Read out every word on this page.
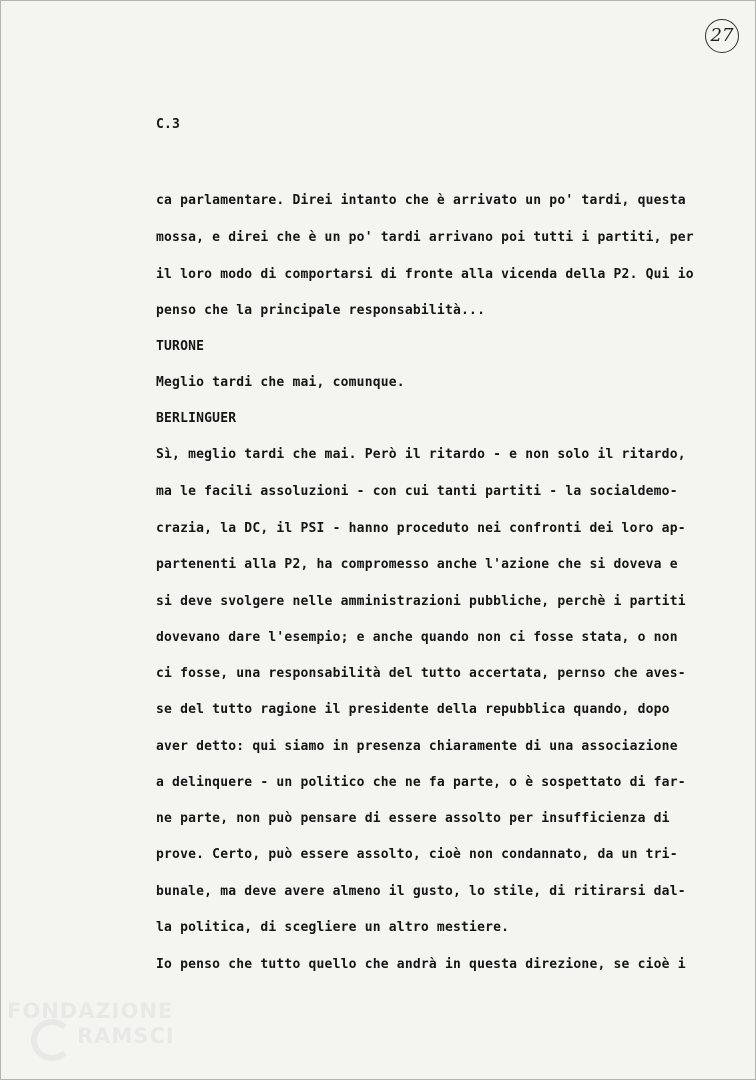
27
C.3
ca parlamentare. Direi intanto che è arrivato un po' tardi, questa
mossa, e direi che è un po' tardi arrivano poi tutti i partiti, per
il loro modo di comportarsi di fronte alla vicenda della P2. Qui io
penso che la principale responsabilità...
TURONE
Meglio tardi che mai, comunque.
BERLINGUER
Sì, meglio tardi che mai. Però il ritardo - e non solo il ritardo,
ma le facili assoluzioni - con cui tanti partiti - la socialdemo-
crazia, la DC, il PSI - hanno proceduto nei confronti dei loro ap-
partenenti alla P2, ha compromesso anche l'azione che si doveva e
si deve svolgere nelle amministrazioni pubbliche, perchè i partiti
dovevano dare l'esempio; e anche quando non ci fosse stata, o non
ci fosse, una responsabilità del tutto accertata, pernso che aves-
se del tutto ragione il presidente della repubblica quando, dopo
aver detto: qui siamo in presenza chiaramente di una associazione
a delinquere - un politico che ne fa parte, o è sospettato di far-
ne parte, non può pensare di essere assolto per insufficienza di
prove. Certo, può essere assolto, cioè non condannato, da un tri-
bunale, ma deve avere almeno il gusto, lo stile, di ritirarsi dal-
la politica, di scegliere un altro mestiere.
Io penso che tutto quello che andrà in questa direzione, se cioè i
FONDAZIONE
RAMSCI
